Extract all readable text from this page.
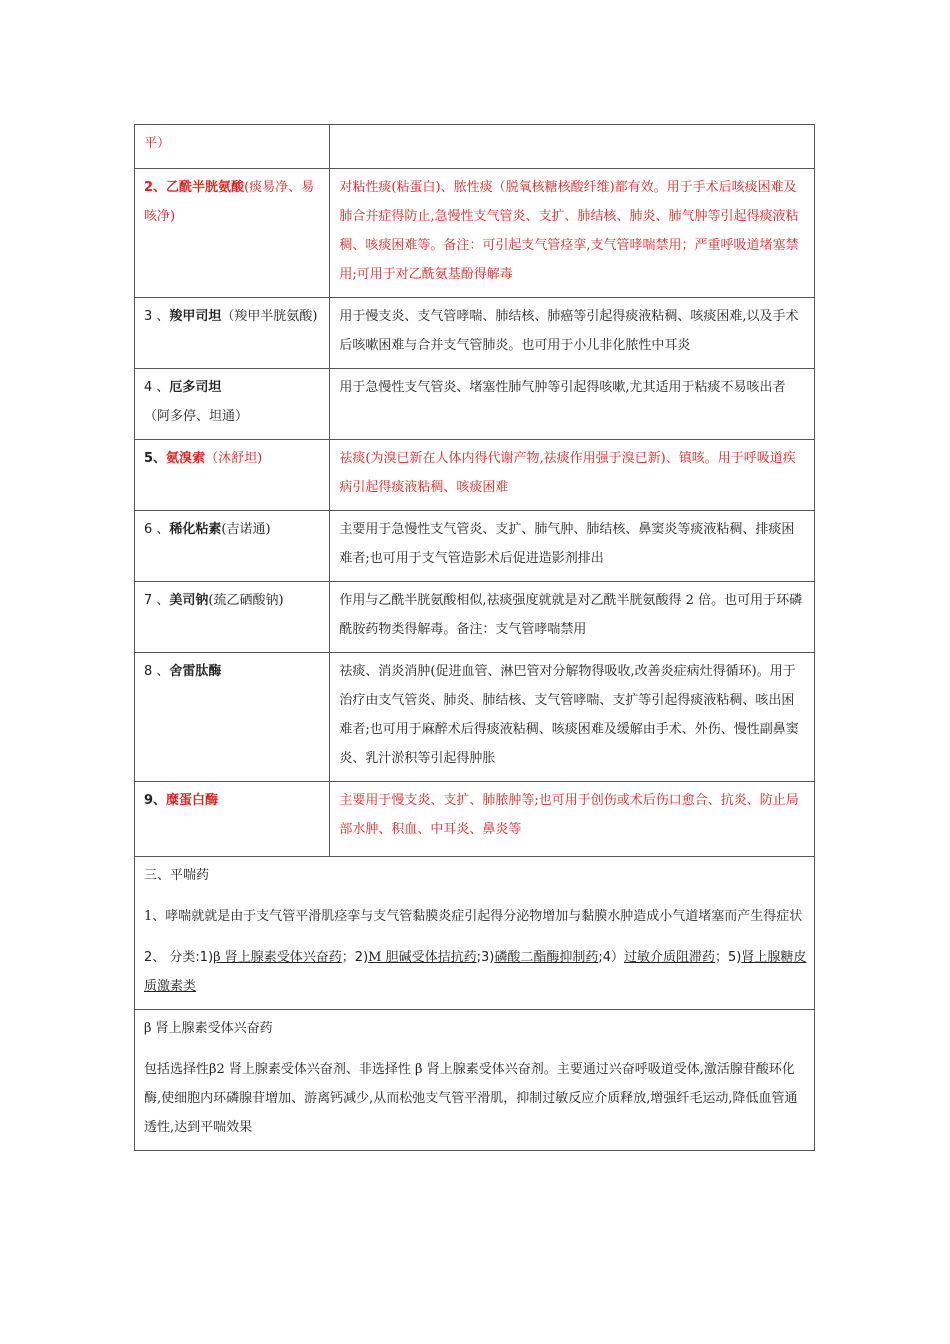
平）	
2、乙酰半胱氨酸(痰易净、易咳净)	对粘性痰(粘蛋白)、脓性痰（脱氧核糖核酸纤维)都有效。用于手术后咳痰困难及肺合并症得防止,急慢性支气管炎、支扩、肺结核、肺炎、肺气肿等引起得痰液粘稠、咳痰困难等。备注：可引起支气管痉挛,支气管哮喘禁用；严重呼吸道堵塞禁用;可用于对乙酰氨基酚得解毒
3 、羧甲司坦（羧甲半胱氨酸)	用于慢支炎、支气管哮喘、肺结核、肺癌等引起得痰液粘稠、咳痰困难,以及手术后咳嗽困难与合并支气管肺炎。也可用于小儿非化脓性中耳炎
4 、厄多司坦（阿多停、坦通）	用于急慢性支气管炎、堵塞性肺气肿等引起得咳嗽,尤其适用于粘痰不易咳出者
5、氨溴索（沐舒坦)	祛痰(为溴已新在人体内得代谢产物,祛痰作用强于溴已新)、镇咳。用于呼吸道疾病引起得痰液粘稠、咳痰困难
6 、稀化粘素(吉诺通)	主要用于急慢性支气管炎、支扩、肺气肿、肺结核、鼻窦炎等痰液粘稠、排痰困难者;也可用于支气管造影术后促进造影剂排出
7 、美司钠(巯乙硒酸钠)	作用与乙酰半胱氨酸相似,祛痰强度就就是对乙酰半胱氨酸得 2 倍。也可用于环磷酰胺药物类得解毒。备注：支气管哮喘禁用
8 、舍雷肽酶	祛痰、消炎消肿(促进血管、淋巴管对分解物得吸收,改善炎症病灶得循环)。用于治疗由支气管炎、肺炎、肺结核、支气管哮喘、支扩等引起得痰液粘稠、咳出困难者;也可用于麻醉术后得痰液粘稠、咳痰困难及缓解由手术、外伤、慢性副鼻窦炎、乳汁淤积等引起得肿胀
9、糜蛋白酶	主要用于慢支炎、支扩、肺脓肿等;也可用于创伤或术后伤口愈合、抗炎、防止局部水肿、积血、中耳炎、鼻炎等

三、平喘药

1、哮喘就就是由于支气管平滑肌痉挛与支气管黏膜炎症引起得分泌物增加与黏膜水肿造成小气道堵塞而产生得症状

2、 分类:1)β 肾上腺素受体兴奋药；2)M 胆碱受体拮抗药;3)磷酸二酯酶抑制药;4）过敏介质阻滞药；5)肾上腺糖皮质激素类	

β 肾上腺素受体兴奋药

包括选择性β2 肾上腺素受体兴奋剂、非选择性 β 肾上腺素受体兴奋剂。主要通过兴奋呼吸道受体,激活腺苷酸环化酶,使细胞内环磷腺苷增加、游离钙减少,从而松弛支气管平滑肌，抑制过敏反应介质释放,增强纤毛运动,降低血管通透性,达到平喘效果	
